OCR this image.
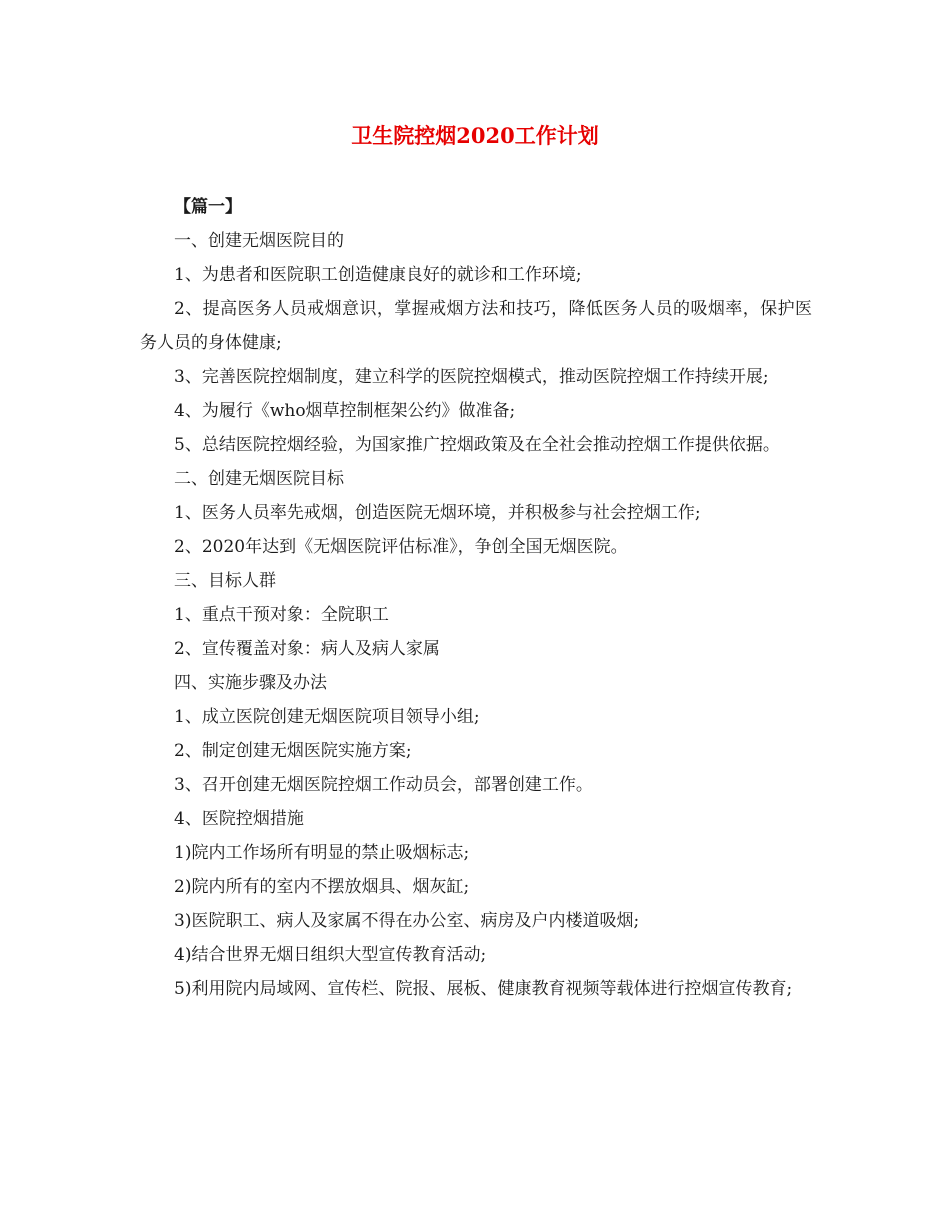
卫生院控烟2020工作计划

【篇一】

一、创建无烟医院目的

1、为患者和医院职工创造健康良好的就诊和工作环境;

2、提高医务人员戒烟意识，掌握戒烟方法和技巧，降低医务人员的吸烟率，保护医务人员的身体健康;

3、完善医院控烟制度，建立科学的医院控烟模式，推动医院控烟工作持续开展;

4、为履行《who烟草控制框架公约》做准备;

5、总结医院控烟经验，为国家推广控烟政策及在全社会推动控烟工作提供依据。

二、创建无烟医院目标

1、医务人员率先戒烟，创造医院无烟环境，并积极参与社会控烟工作;

2、2020年达到《无烟医院评估标准》，争创全国无烟医院。

三、目标人群

1、重点干预对象：全院职工

2、宣传覆盖对象：病人及病人家属

四、实施步骤及办法

1、成立医院创建无烟医院项目领导小组;

2、制定创建无烟医院实施方案;

3、召开创建无烟医院控烟工作动员会，部署创建工作。

4、医院控烟措施

1)院内工作场所有明显的禁止吸烟标志;

2)院内所有的室内不摆放烟具、烟灰缸;

3)医院职工、病人及家属不得在办公室、病房及户内楼道吸烟;

4)结合世界无烟日组织大型宣传教育活动;

5)利用院内局域网、宣传栏、院报、展板、健康教育视频等载体进行控烟宣传教育;
